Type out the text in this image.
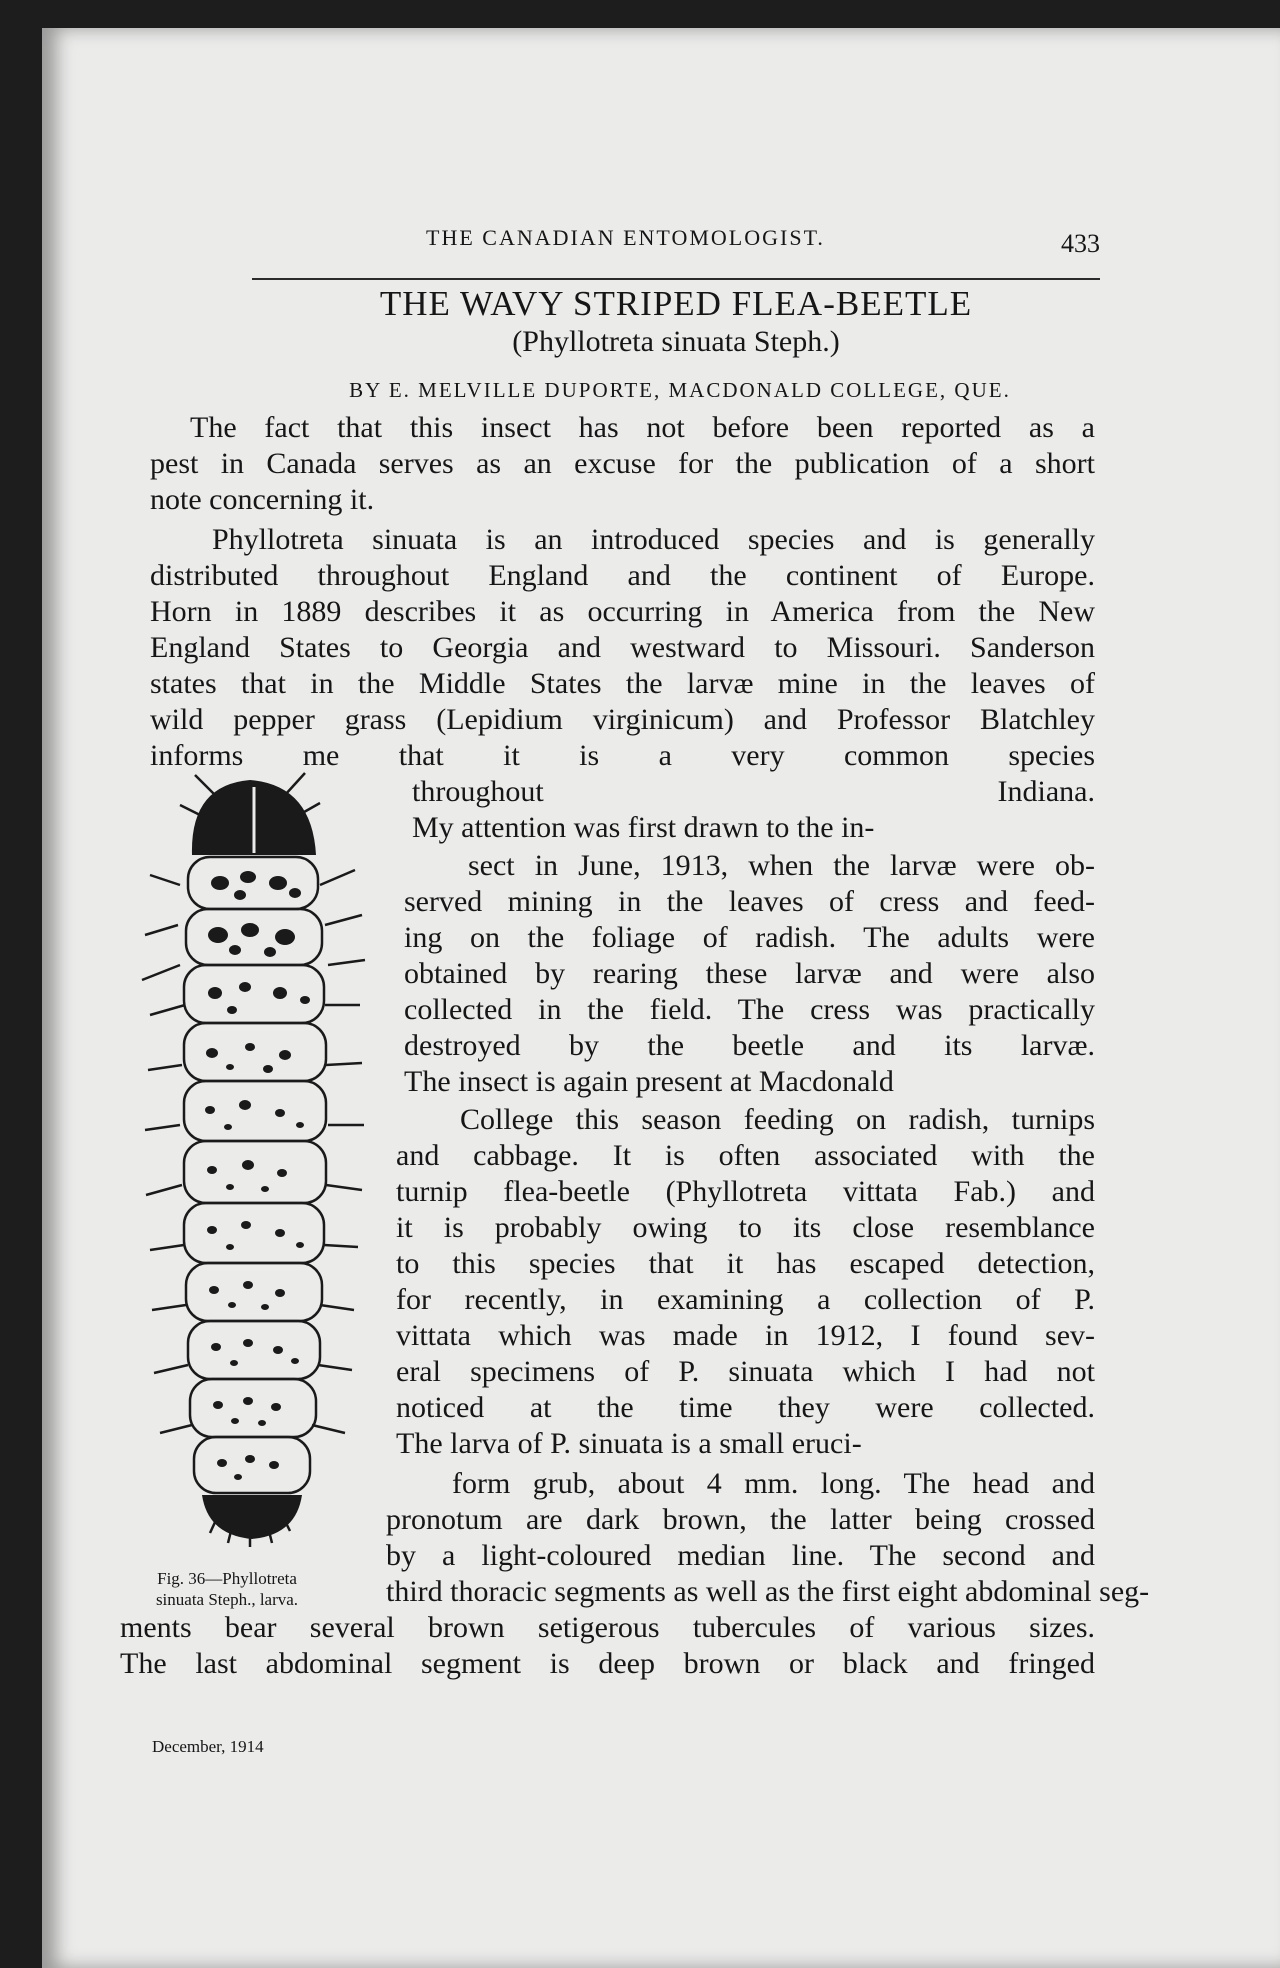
THE CANADIAN ENTOMOLOGIST.	433
THE WAVY STRIPED FLEA-BEETLE
(Phyllotreta sinuata Steph.)
BY E. MELVILLE DUPORTE, MACDONALD COLLEGE, QUE.
The fact that this insect has not before been reported as a
pest in Canada serves as an excuse for the publication of a short
note concerning it.
Phyllotreta sinuata is an introduced species and is generally
distributed throughout England and the continent of Europe.
Horn in 1889 describes it as occurring in America from the New
England States to Georgia and westward to Missouri. Sanderson
states that in the Middle States the larvæ mine in the leaves of
wild pepper grass (Lepidium virginicum) and Professor Blatchley
informs me that it is a very common species
throughout Indiana.
My attention was first drawn to the in-
sect in June, 1913, when the larvæ were ob-
served mining in the leaves of cress and feed-
ing on the foliage of radish. The adults were
obtained by rearing these larvæ and were also
collected in the field. The cress was practically
destroyed by the beetle and its larvæ.
The insect is again present at Macdonald
College this season feeding on radish, turnips
and cabbage. It is often associated with the
turnip flea-beetle (Phyllotreta vittata Fab.) and
it is probably owing to its close resemblance
to this species that it has escaped detection,
for recently, in examining a collection of P.
vittata which was made in 1912, I found sev-
eral specimens of P. sinuata which I had not
noticed at the time they were collected.
The larva of P. sinuata is a small eruci-
form grub, about 4 mm. long. The head and
pronotum are dark brown, the latter being crossed
by a light-coloured median line. The second and
third thoracic segments as well as the first eight abdominal seg-
ments bear several brown setigerous tubercules of various sizes.
The last abdominal segment is deep brown or black and fringed
Fig. 36—Phyllotreta
sinuata Steph., larva.
December, 1914
